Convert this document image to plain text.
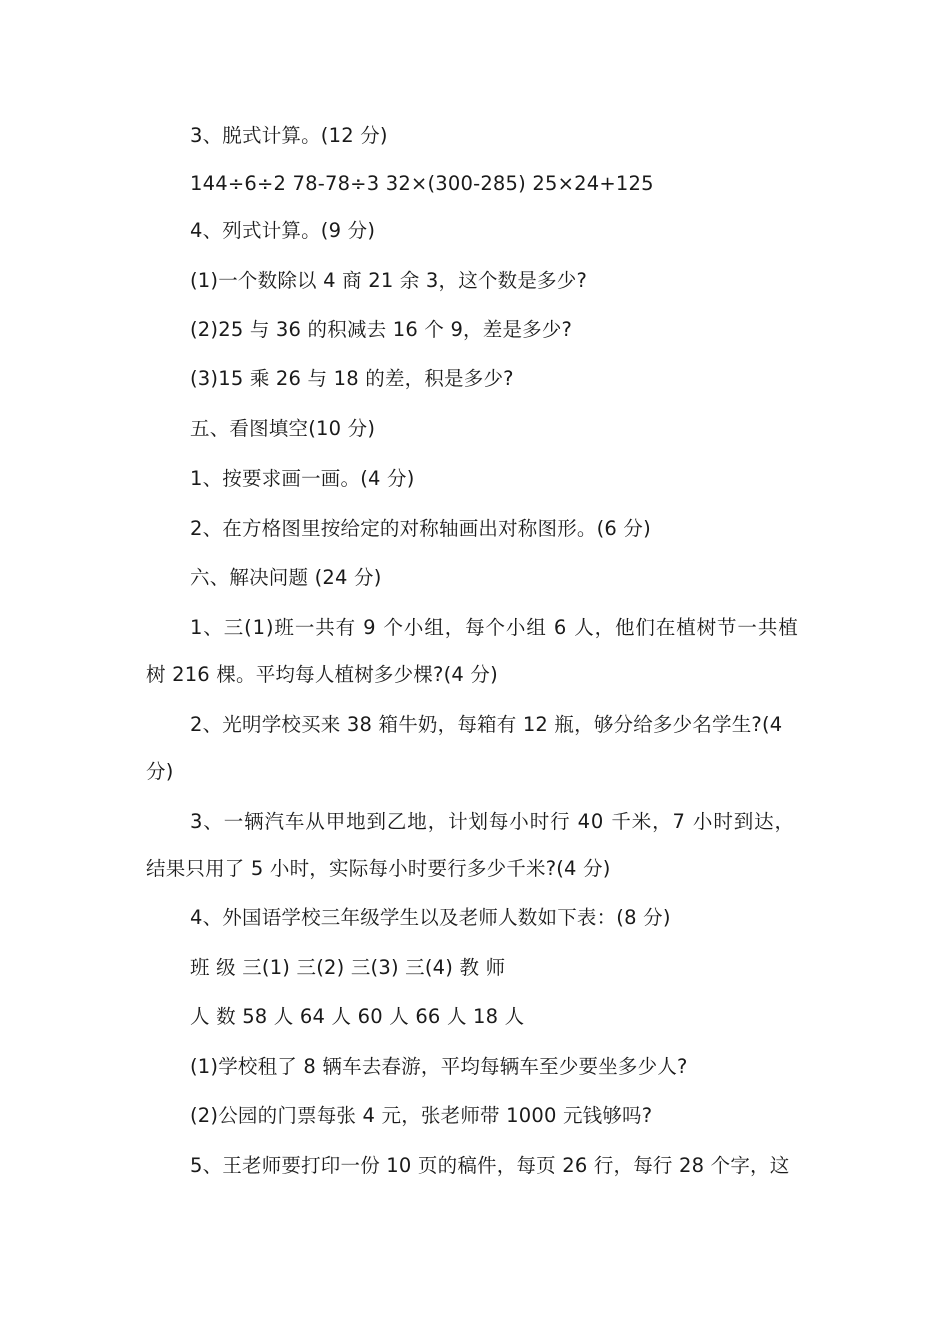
3、脱式计算。(12 分)
144÷6÷2 78-78÷3 32×(300-285) 25×24+125
4、列式计算。(9 分)
(1)一个数除以 4 商 21 余 3，这个数是多少?
(2)25 与 36 的积减去 16 个 9，差是多少?
(3)15 乘 26 与 18 的差，积是多少?
五、看图填空(10 分)
1、按要求画一画。(4 分)
2、在方格图里按给定的对称轴画出对称图形。(6 分)
六、解决问题 (24 分)
1、三(1)班一共有 9 个小组，每个小组 6 人，他们在植树节一共植
树 216 棵。平均每人植树多少棵?(4 分)
2、光明学校买来 38 箱牛奶，每箱有 12 瓶，够分给多少名学生?(4
分)
3、一辆汽车从甲地到乙地，计划每小时行 40 千米，7 小时到达，
结果只用了 5 小时，实际每小时要行多少千米?(4 分)
4、外国语学校三年级学生以及老师人数如下表：(8 分)
班 级 三(1) 三(2) 三(3) 三(4) 教 师
人 数 58 人 64 人 60 人 66 人 18 人
(1)学校租了 8 辆车去春游，平均每辆车至少要坐多少人?
(2)公园的门票每张 4 元，张老师带 1000 元钱够吗?
5、王老师要打印一份 10 页的稿件，每页 26 行，每行 28 个字，这
